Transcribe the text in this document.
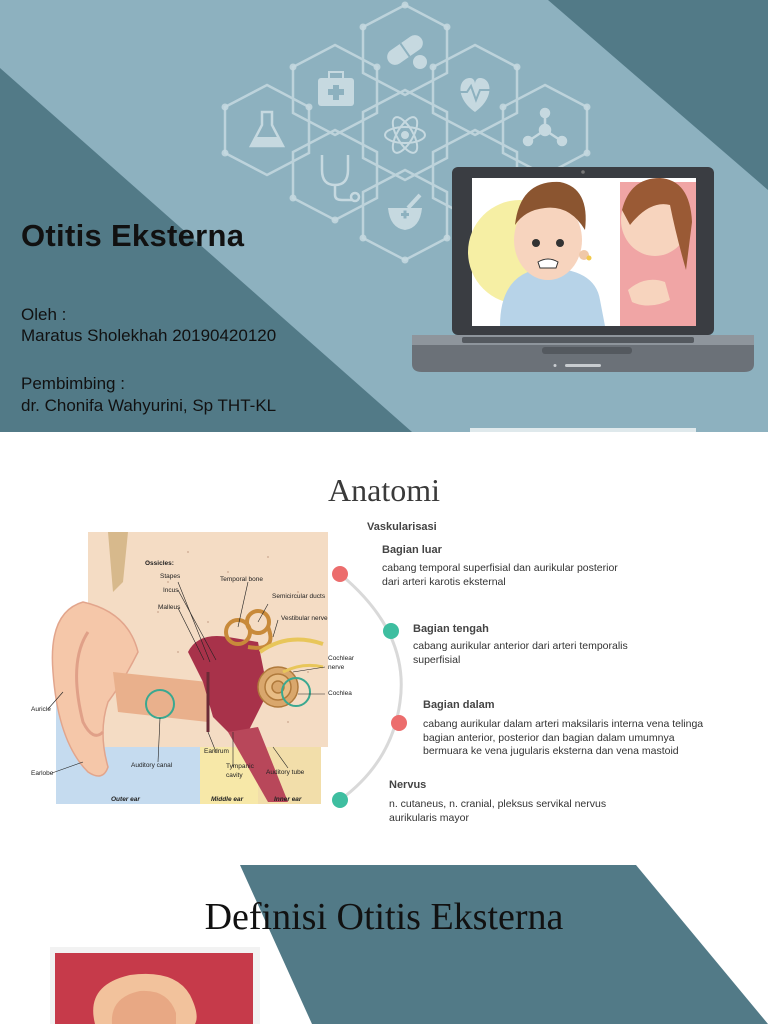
Otitis Eksterna
Oleh :
Maratus Sholekhah 20190420120
Pembimbing :
dr. Chonifa Wahyurini, Sp THT-KL
Anatomi
Ossicles:
Stapes
Incus
Malleus
Temporal bone
Semicircular ducts
Vestibular nerve
Cochlear
nerve
Cochlea
Auricle
Earlobe
Auditory canal
Eardrum
Tympanic
cavity	Auditory tube
Outer ear	Middle ear	Inner ear
Vaskularisasi
Bagian luar
cabang temporal superfisial dan aurikular posterior
dari arteri karotis eksternal
Bagian tengah
cabang aurikular anterior dari arteri temporalis
superfisial
Bagian dalam
cabang aurikular dalam arteri maksilaris interna vena telinga
bagian anterior, posterior dan bagian dalam umumnya
bermuara ke vena jugularis eksterna dan vena mastoid
Nervus
n. cutaneus, n. cranial, pleksus servikal nervus
aurikularis mayor
Definisi Otitis Eksterna
